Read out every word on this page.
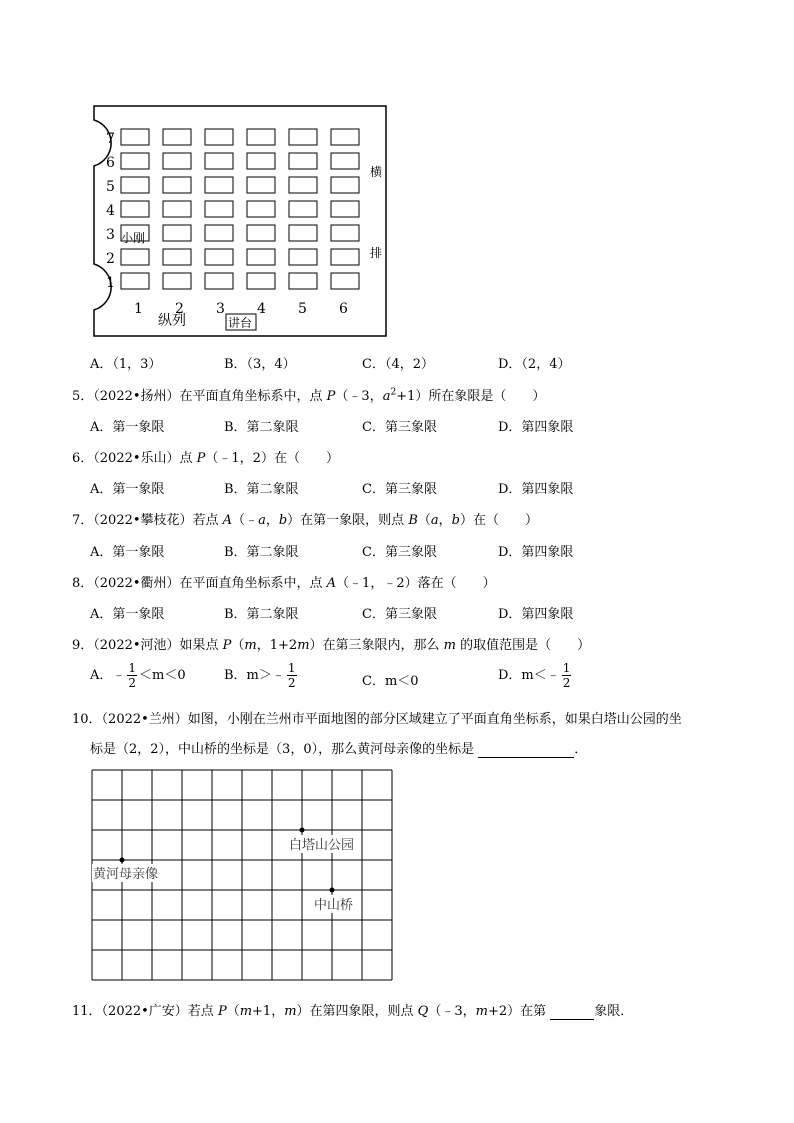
7
6
5
4
3
2
1
1 2 3 4 5 6
小刚
纵列	讲台
横
排
A．（1，3）	B．（3，4）	C．（4，2）	D．（2，4）
5．（2022•扬州）在平面直角坐标系中，点 P（﹣3，$a^2+1$）所在象限是（　　）
A．第一象限	B．第二象限	C．第三象限	D．第四象限
6．（2022•乐山）点 P（﹣1，2）在（　　）
A．第一象限	B．第二象限	C．第三象限	D．第四象限
7．（2022•攀枝花）若点 A（﹣a，b）在第一象限，则点 B（a，b）在（　　）
A．第一象限	B．第二象限	C．第三象限	D．第四象限
8．（2022•衢州）在平面直角坐标系中，点 A（﹣1，﹣2）落在（　　）
A．第一象限	B．第二象限	C．第三象限	D．第四象限
9．（2022•河池）如果点 P（m，1+2m）在第三象限内，那么 m 的取值范围是（　　）
A．﹣ $\frac{1}{2} <m<0$	B．m＞﹣ $\frac{1}{2}$	C．m＜0	D．m＜﹣ $\frac{1}{2}$
10．（2022•兰州）如图，小刚在兰州市平面地图的部分区域建立了平面直角坐标系，如果白塔山公园的坐
标是（2，2），中山桥的坐标是（3，0），那么黄河母亲像的坐标是	．
白塔山公园
黄河母亲像
中山桥
11．（2022•广安）若点 P（m+1，m）在第四象限，则点 Q（﹣3，m+2）在第	象限．
